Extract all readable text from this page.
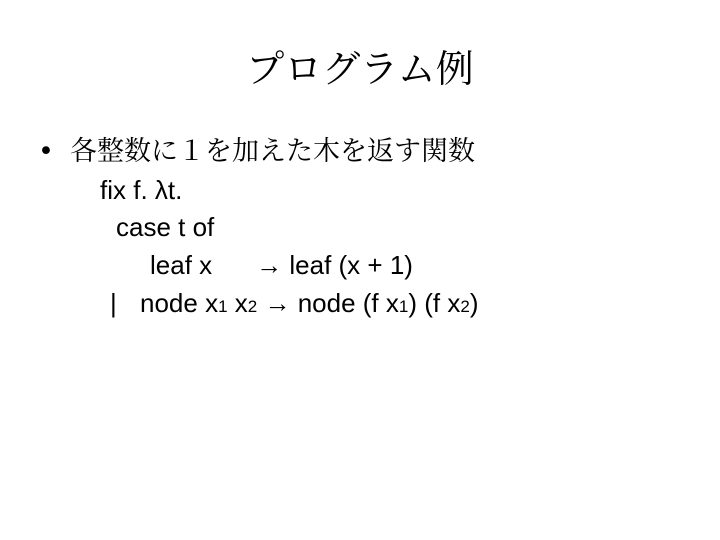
プログラム例
• 各整数に１を加えた木を返す関数
fix f. λt.
case t of
leaf x → leaf (x + 1)
| node x1 x2 → node (f x1) (f x2)
